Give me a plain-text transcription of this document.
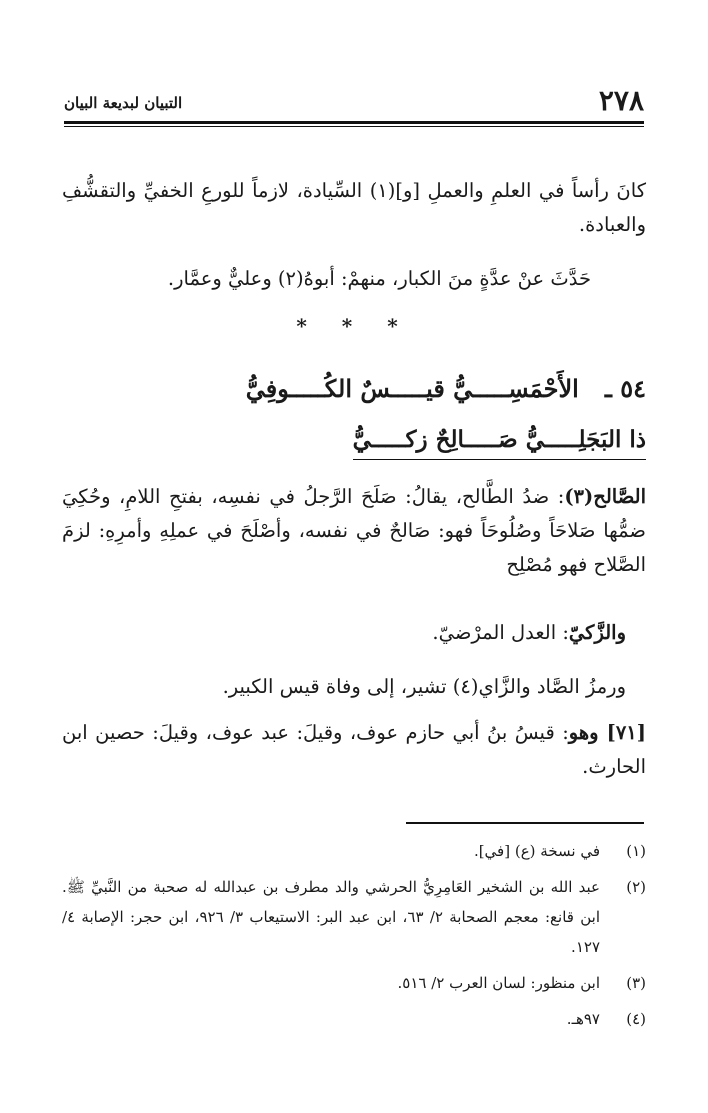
٢٧٨
التبيان لبديعة البيان
كانَ رأساً في العلمِ والعملِ [و](١) السِّيادة، لازماً للورعِ الخفيِّ والتقشُّفِ والعبادة.
حَدَّثَ عنْ عدَّةٍ منَ الكبار، منهمْ: أبوهُ(٢) وعليٌّ وعمَّار.
* * *
٥٤ ـالأَحْمَسِـــــيُّ قيـــــسٌ الكُـــــوفِيُّ
ذا البَجَلِـــــيُّ صَـــــالِحٌ زكـــــيُّ
الصَّالح(٣): ضدُ الطَّالح، يقالُ: صَلَحَ الرَّجلُ في نفسِه، بفتحِ اللامِ، وحُكِيَ ضمُّها صَلاحَاً وصُلُوحَاً فهو: صَالحٌ في نفسه، وأصْلَحَ في عملِهِ وأمرِهِ: لزمَ الصَّلاح فهو مُصْلِح
والزَّكيّ: العدل المرْضيّ.
ورمزُ الصَّاد والزَّاي(٤) تشير، إلى وفاة قيس الكبير.
[٧١] وهو: قيسُ بنُ أبي حازم عوف، وقيلَ: عبد عوف، وقيلَ: حصين ابن الحارث.
(١)
في نسخة (ع) [في].
(٢)
عبد الله بن الشخير العَامِرِيُّ الحرشي والد مطرف بن عبدالله له صحبة من النَّبيِّ ﷺ. ابن قانع: معجم الصحابة ٢/ ٦٣، ابن عبد البر: الاستيعاب ٣/ ٩٢٦، ابن حجر: الإصابة ٤/ ١٢٧.
(٣)
ابن منظور: لسان العرب ٢/ ٥١٦.
(٤)
٩٧هـ.
